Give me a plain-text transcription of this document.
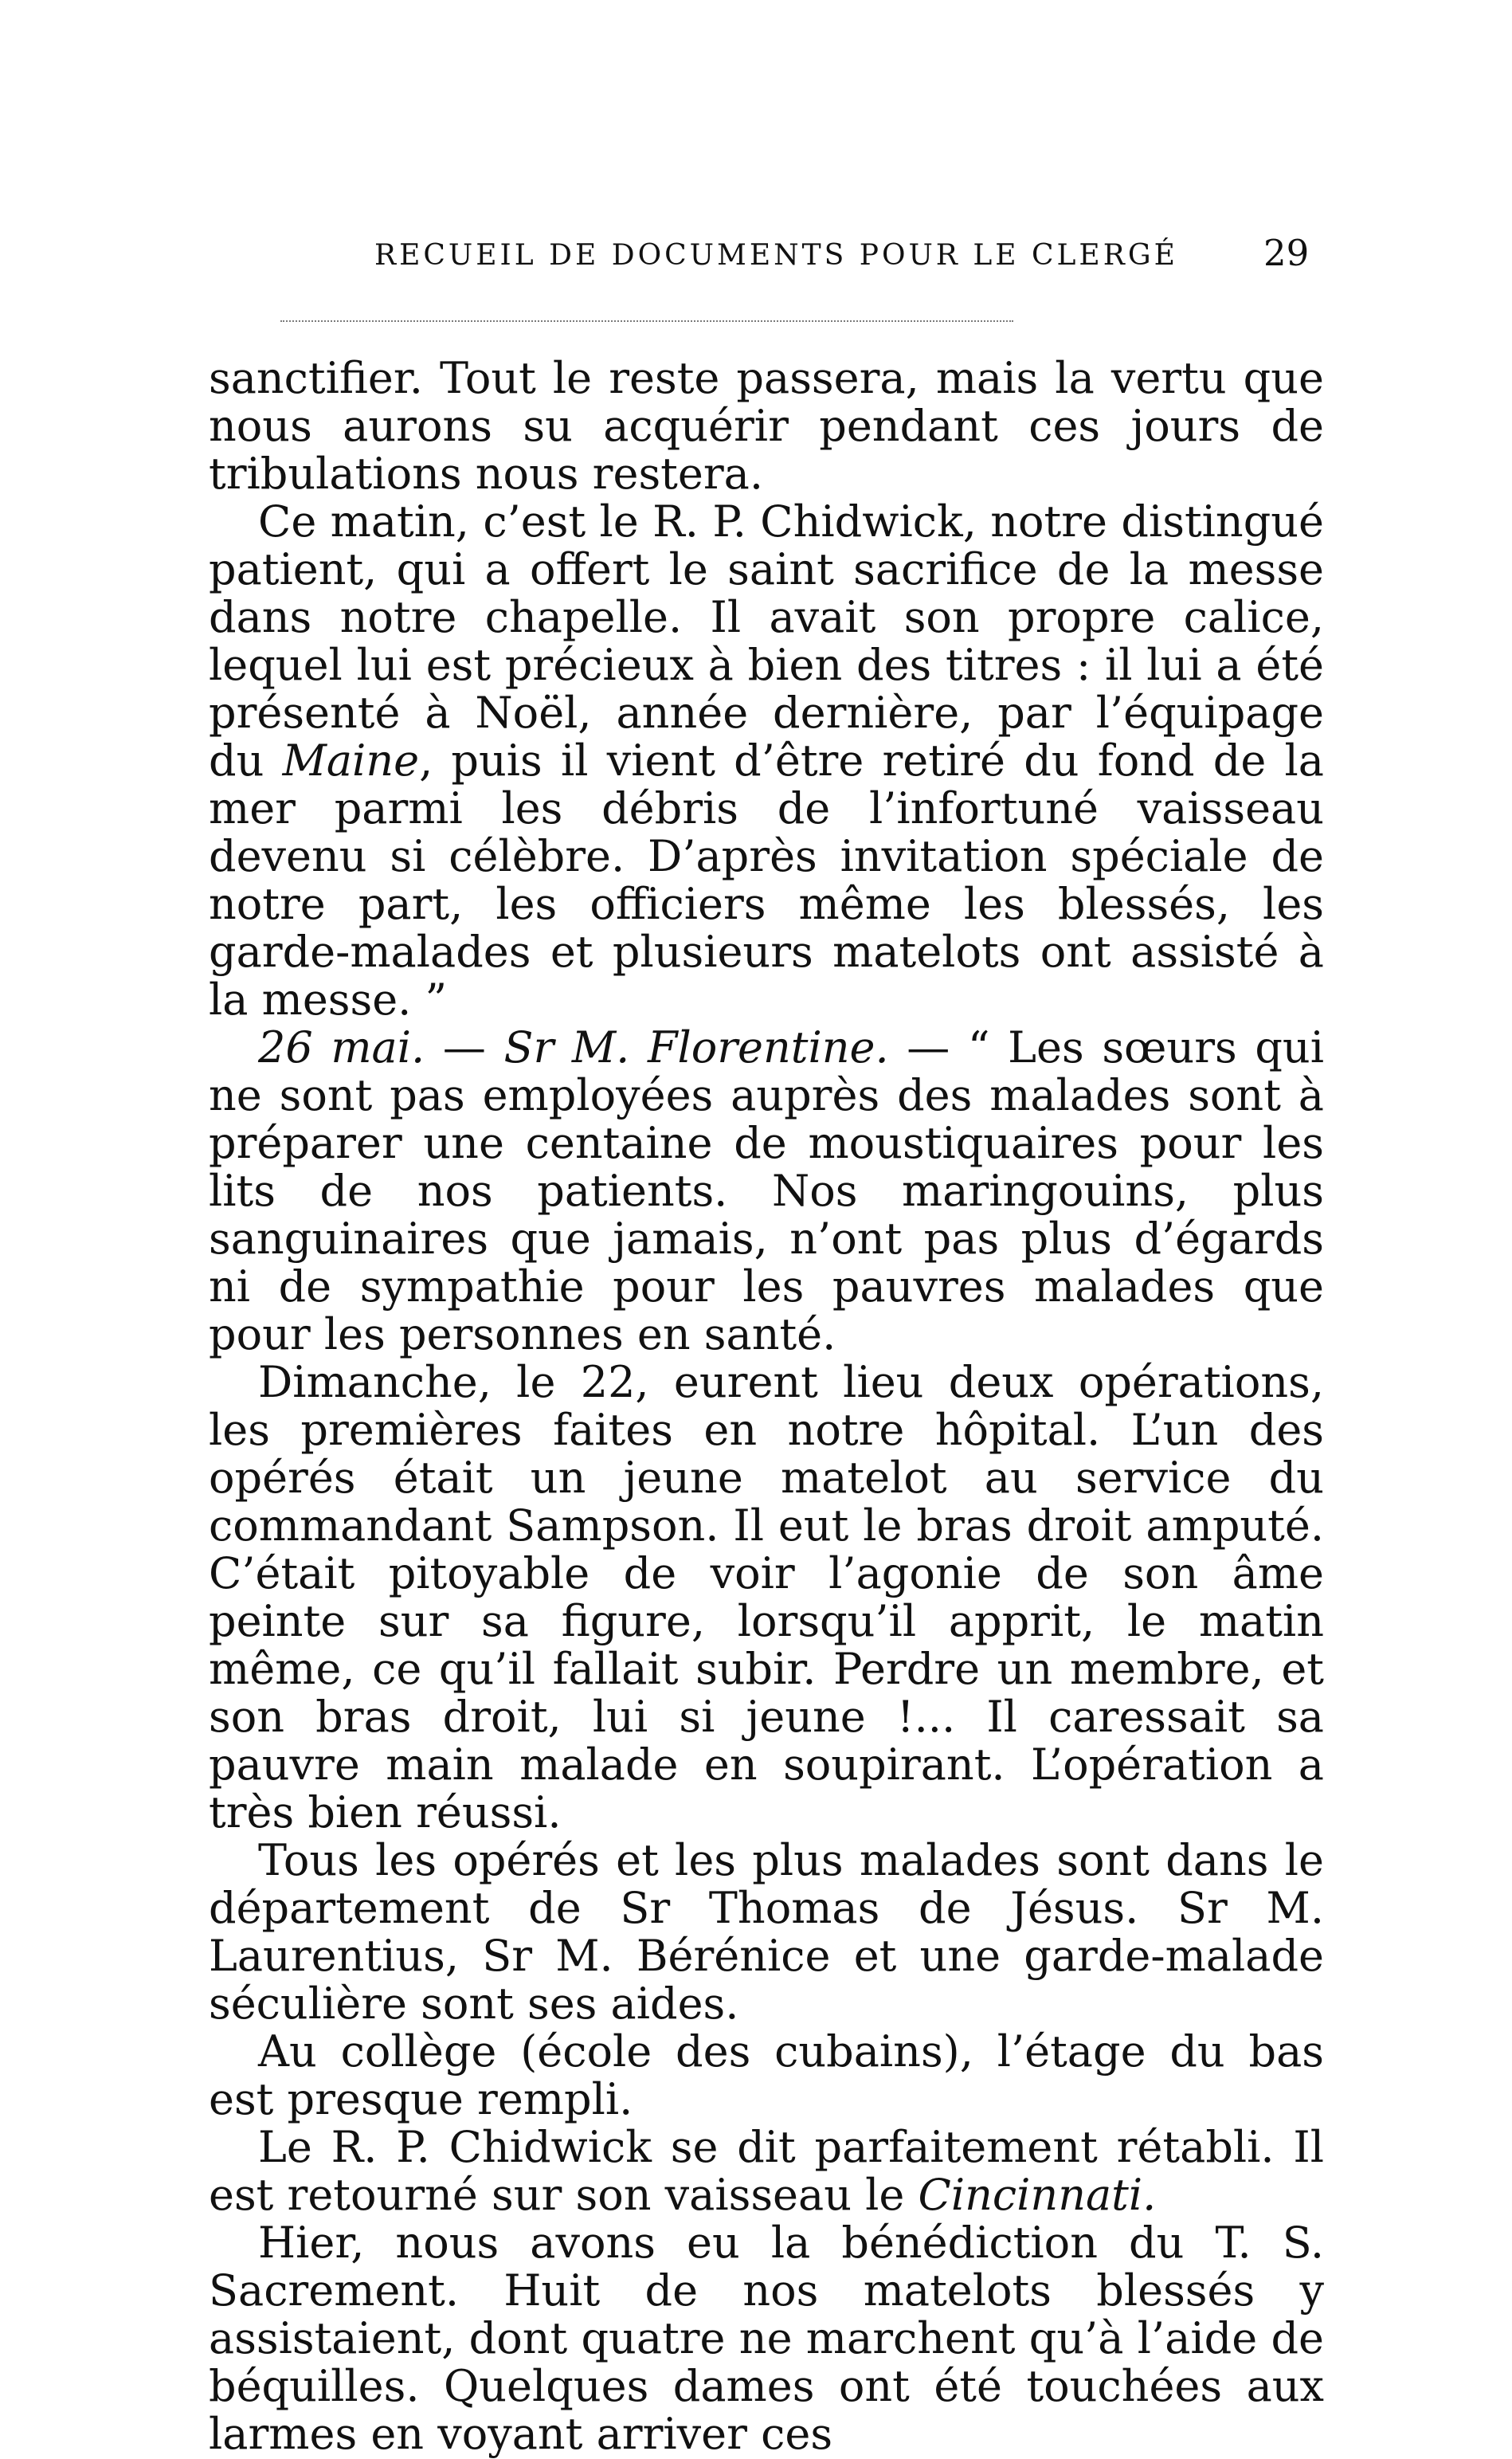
RECUEIL DE DOCUMENTS POUR LE CLERGÉ 29

sanctifier. Tout le reste passera, mais la vertu que nous aurons su acquérir pendant ces jours de tribulations nous restera.

Ce matin, c’est le R. P. Chidwick, notre distingué patient, qui a offert le saint sacrifice de la messe dans notre chapelle. Il avait son propre calice, lequel lui est précieux à bien des titres : il lui a été présenté à Noël, année dernière, par l’équipage du Maine, puis il vient d’être retiré du fond de la mer parmi les débris de l’infortuné vaisseau devenu si célèbre. D’après invitation spéciale de notre part, les officiers même les blessés, les garde-malades et plusieurs matelots ont assisté à la messe. ”

26 mai. — Sr M. Florentine. — “ Les sœurs qui ne sont pas employées auprès des malades sont à préparer une centaine de moustiquaires pour les lits de nos patients. Nos maringouins, plus sanguinaires que jamais, n’ont pas plus d’égards ni de sympathie pour les pauvres malades que pour les personnes en santé.

Dimanche, le 22, eurent lieu deux opérations, les premières faites en notre hôpital. L’un des opérés était un jeune matelot au service du commandant Sampson. Il eut le bras droit amputé. C’était pitoyable de voir l’agonie de son âme peinte sur sa figure, lorsqu’il apprit, le matin même, ce qu’il fallait subir. Perdre un membre, et son bras droit, lui si jeune !... Il caressait sa pauvre main malade en soupirant. L’opération a très bien réussi.

Tous les opérés et les plus malades sont dans le département de Sr Thomas de Jésus. Sr M. Laurentius, Sr M. Bérénice et une garde-malade séculière sont ses aides.

Au collège (école des cubains), l’étage du bas est presque rempli.

Le R. P. Chidwick se dit parfaitement rétabli. Il est retourné sur son vaisseau le Cincinnati.

Hier, nous avons eu la bénédiction du T. S. Sacrement. Huit de nos matelots blessés y assistaient, dont quatre ne marchent qu’à l’aide de béquilles. Quelques dames ont été touchées aux larmes en voyant arriver ces
